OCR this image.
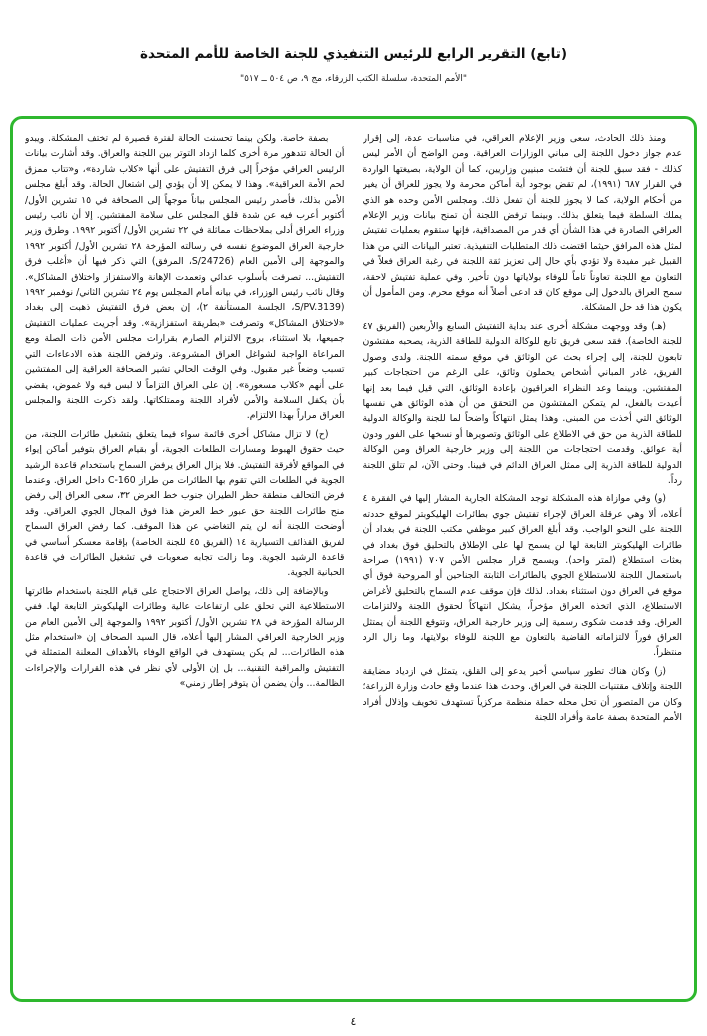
(تابع) التقرير الرابع للرئيس التنفيذي للجنة الخاصة للأمم المتحدة
"الأمم المتحدة، سلسلة الكتب الزرقاء، مج ٩، ص ٥٠٤ ــ ٥١٧"

ومنذ ذلك الحادث، سعى وزير الإعلام العراقي، في مناسبات عدة، إلى إقرار عدم جواز دخول اللجنة إلى مباني الوزارات العراقية. ومن الواضح أن الأمر ليس كذلك - فقد سبق للجنة أن فتشت مبنيين وزاريين، كما أن الولاية، بصيغتها الواردة في القرار ٦٨٧ (١٩٩١)، لم تقض بوجود أية أماكن محرمة ولا يجوز للعراق أن يغير من أحكام الولاية، كما لا يجوز للجنة أن تفعل ذلك. ومجلس الأمن وحده هو الذي يملك السلطة فيما يتعلق بذلك. وبينما ترفض اللجنة أن تمنح بيانات وزير الإعلام العراقي الصادرة في هذا الشأن أي قدر من المصداقية، فإنها ستقوم بعمليات تفتيش لمثل هذه المرافق حيثما اقتضت ذلك المتطلبات التنفيذية. تعتبر البيانات التي من هذا القبيل غير مفيدة ولا تؤدي بأي حال إلى تعزيز ثقة اللجنة في رغبة العراق فعلاً في التعاون مع اللجنة تعاوناً تاماً للوفاء بولاياتها دون تأخير. وفي عملية تفتيش لاحقة، سمح العراق بالدخول إلى موقع كان قد ادعى أصلاً أنه موقع محرم. ومن المأمول أن يكون هذا قد حل المشكلة.

(هـ) وقد ووجهت مشكلة أخرى عند بداية التفتيش السابع والأربعين (الفريق ٤٧ للجنة الخاصة). فقد سعى فريق تابع للوكالة الدولية للطاقة الذرية، يصحبه مفتشون تابعون للجنة، إلى إجراء بحث عن الوثائق في موقع سمته اللجنة. ولدى وصول الفريق، غادر المباني أشخاص يحملون وثائق، على الرغم من احتجاجات كبير المفتشين. وبينما وعد النظراء العراقيون بإعادة الوثائق، التي قيل فيما بعد إنها أعيدت بالفعل، لم يتمكن المفتشون من التحقق من أن هذه الوثائق هي نفسها الوثائق التي أخذت من المبنى. وهذا يمثل انتهاكاً واضحاً لما للجنة والوكالة الدولية للطاقة الذرية من حق في الاطلاع على الوثائق وتصويرها أو نسخها على الفور ودون أية عوائق. وقدمت احتجاجات من اللجنة إلى وزير خارجية العراق ومن الوكالة الدولية للطاقة الذرية إلى ممثل العراق الدائم في فيينا. وحتى الآن، لم تتلق اللجنة رداً.

(و) وفي موازاة هذه المشكلة توجد المشكلة الجارية المشار إليها في الفقرة ٤ أعلاه، ألا وهي عرقلة العراق لإجراء تفتيش جوي بطائرات الهليكوبتر لموقع حددته اللجنة على النحو الواجب. وقد أبلغ العراق كبير موظفي مكتب اللجنة في بغداد أن طائرات الهليكوبتر التابعة لها لن يسمح لها على الإطلاق بالتحليق فوق بغداد في بعثات استطلاع (لمتر واحد). ويسمح قرار مجلس الأمن ٧٠٧ (١٩٩١) صراحة باستعمال اللجنة للاستطلاع الجوي بالطائرات الثابتة الجناحين أو المروحية فوق أي موقع في العراق دون استثناء بغداد. لذلك فإن موقف عدم السماح بالتحليق لأغراض الاستطلاع، الذي اتخذه العراق مؤخراً، يشكل انتهاكاً لحقوق اللجنة ولالتزامات العراق. وقد قدمت شكوى رسمية إلى وزير خارجية العراق، وتتوقع اللجنة أن يمتثل العراق فوراً لالتزاماته القاضية بالتعاون مع اللجنة للوفاء بولايتها، وما زال الرد منتظراً.

(ز) وكان هناك تطور سياسي أخير يدعو إلى القلق، يتمثل في ازدياد مضايقة اللجنة وإتلاف مقتنيات اللجنة في العراق. وحدث هذا عندما وقع حادث وزارة الزراعة؛ وكان من المتصور أن تحل محله حملة منظمة مركزياً تستهدف تخويف وإذلال أفراد الأمم المتحدة بصفة عامة وأفراد اللجنة

بصفة خاصة. ولكن بينما تحسنت الحالة لفترة قصيرة لم تختف المشكلة. ويبدو أن الحالة تتدهور مرة أخرى كلما ازداد التوتر بين اللجنة والعراق. وقد أشارت بيانات الرئيس العراقي مؤخراً إلى فرق التفتيش على أنها «كلاب شاردة»، و«تتاب ممزق لحم الأمة العراقية». وهذا لا يمكن إلا أن يؤدي إلى اشتعال الحالة. وقد أبلغ مجلس الأمن بذلك، فأصدر رئيس المجلس بياناً موجهاً إلى الصحافة في ١٥ تشرين الأول/ أكتوبر أعرب فيه عن شدة قلق المجلس على سلامة المفتشين. إلا أن نائب رئيس وزراء العراق أدلى بملاحظات مماثلة في ٢٢ تشرين الأول/ أكتوبر ١٩٩٢. وطرق وزير خارجية العراق الموضوع نفسه في رسالته المؤرخة ٢٨ تشرين الأول/ أكتوبر ١٩٩٢ والموجهة إلى الأمين العام (S/24726، المرفق) التي ذكر فيها أن «أغلب فرق التفتيش... تصرفت بأسلوب عدائي وتعمدت الإهانة والاستفزاز واختلاق المشاكل». وقال نائب رئيس الوزراء، في بيانه أمام المجلس يوم ٢٤ تشرين الثاني/ نوفمبر ١٩٩٢ (S/PV.3139، الجلسة المستأنفة ٢)، إن بعض فرق التفتيش ذهبت إلى بغداد «لاختلاق المشاكل» وتصرفت «بطريقة استفزازية». وقد أجريت عمليات التفتيش جميعها، بلا استثناء، بروح الالتزام الصارم بقرارات مجلس الأمن ذات الصلة ومع المراعاة الواجبة لشواغل العراق المشروعة. وترفض اللجنة هذه الادعاءات التي تسبب وضعاً غير مقبول. وفي الوقت الحالي تشير الصحافة العراقية إلى المفتشين على أنهم «كلاب مسعورة». إن على العراق التزاماً لا لبس فيه ولا غموض، يقضي بأن يكفل السلامة والأمن لأفراد اللجنة وممتلكاتها. ولقد ذكرت اللجنة والمجلس العراق مراراً بهذا الالتزام.

(ح) لا تزال مشاكل أخرى قائمة سواء فيما يتعلق بتشغيل طائرات اللجنة، من حيث حقوق الهبوط ومسارات الطلعات الجوية، أو بقيام العراق بتوفير أماكن إيواء في المواقع لأفرقة التفتيش. فلا يزال العراق يرفض السماح باستخدام قاعدة الرشيد الجوية في الطلعات التي تقوم بها الطائرات من طراز C-160 داخل العراق. وعندما فرض التحالف منطقة حظر الطيران جنوب خط العرض ٣٢، سعى العراق إلى رفض منح طائرات اللجنة حق عبور خط العرض هذا فوق المجال الجوي العراقي. وقد أوضحت اللجنة أنه لن يتم التغاضي عن هذا الموقف. كما رفض العراق السماح لفريق القذائف التسيارية ١٤ (الفريق ٤٥ للجنة الخاصة) بإقامة معسكر أساسي في قاعدة الرشيد الجوية. وما زالت تجابه صعوبات في تشغيل الطائرات في قاعدة الحبانية الجوية.

وبالإضافة إلى ذلك، يواصل العراق الاحتجاج على قيام اللجنة باستخدام طائرتها الاستطلاعية التي تحلق على ارتفاعات عالية وطائرات الهليكوبتر التابعة لها. ففي الرسالة المؤرخة في ٢٨ تشرين الأول/ أكتوبر ١٩٩٢ والموجهة إلى الأمين العام من وزير الخارجية العراقي المشار إليها أعلاه، قال السيد الصحاف إن «استخدام مثل هذه الطائرات... لم يكن يستهدف في الواقع الوفاء بالأهداف المعلنة المتمثلة في التفتيش والمراقبة التقنية... بل إن الأولى لأي نظر في هذه القرارات والإجراءات الظالمة... وأن يضمن أن يتوفر إطار زمني»

٤
